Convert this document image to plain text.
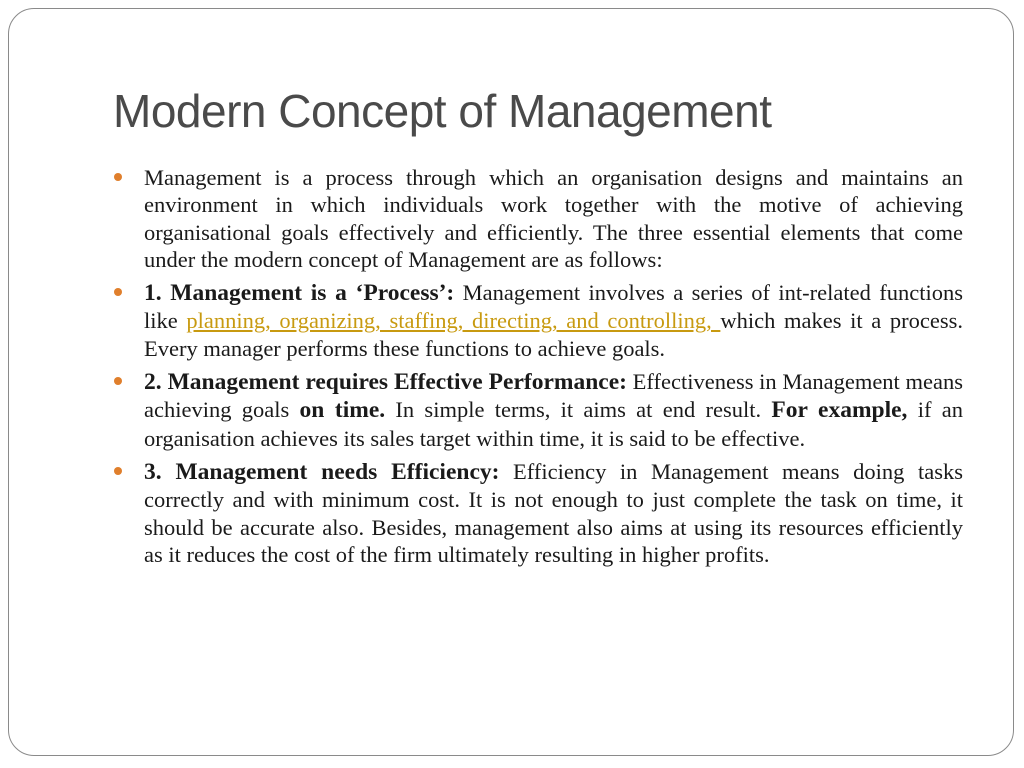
Modern Concept of Management
Management is a process through which an organisation designs and maintains an environment in which individuals work together with the motive of achieving organisational goals effectively and efficiently. The three essential elements that come under the modern concept of Management are as follows:
1. Management is a ‘Process’: Management involves a series of int-related functions like planning, organizing, staffing, directing, and controlling, which makes it a process. Every manager performs these functions to achieve goals.
2. Management requires Effective Performance: Effectiveness in Management means achieving goals on time. In simple terms, it aims at end result. For example, if an organisation achieves its sales target within time, it is said to be effective.
3. Management needs Efficiency: Efficiency in Management means doing tasks correctly and with minimum cost. It is not enough to just complete the task on time, it should be accurate also. Besides, management also aims at using its resources efficiently as it reduces the cost of the firm ultimately resulting in higher profits.
